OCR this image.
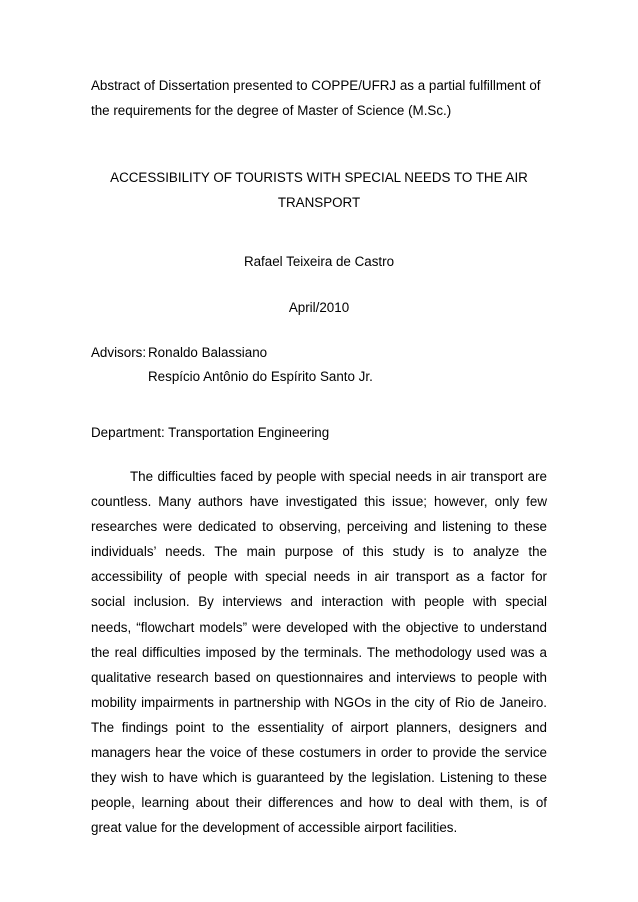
Abstract of Dissertation presented to COPPE/UFRJ as a partial fulfillment of the requirements for the degree of Master of Science (M.Sc.)
ACCESSIBILITY OF TOURISTS WITH SPECIAL NEEDS TO THE AIR TRANSPORT
Rafael Teixeira de Castro
April/2010
Advisors: Ronaldo Balassiano
Respício Antônio do Espírito Santo Jr.
Department: Transportation Engineering
The difficulties faced by people with special needs in air transport are countless. Many authors have investigated this issue; however, only few researches were dedicated to observing, perceiving and listening to these individuals’ needs. The main purpose of this study is to analyze the accessibility of people with special needs in air transport as a factor for social inclusion. By interviews and interaction with people with special needs, “flowchart models” were developed with the objective to understand the real difficulties imposed by the terminals. The methodology used was a qualitative research based on questionnaires and interviews to people with mobility impairments in partnership with NGOs in the city of Rio de Janeiro. The findings point to the essentiality of airport planners, designers and managers hear the voice of these costumers in order to provide the service they wish to have which is guaranteed by the legislation. Listening to these people, learning about their differences and how to deal with them, is of great value for the development of accessible airport facilities.
